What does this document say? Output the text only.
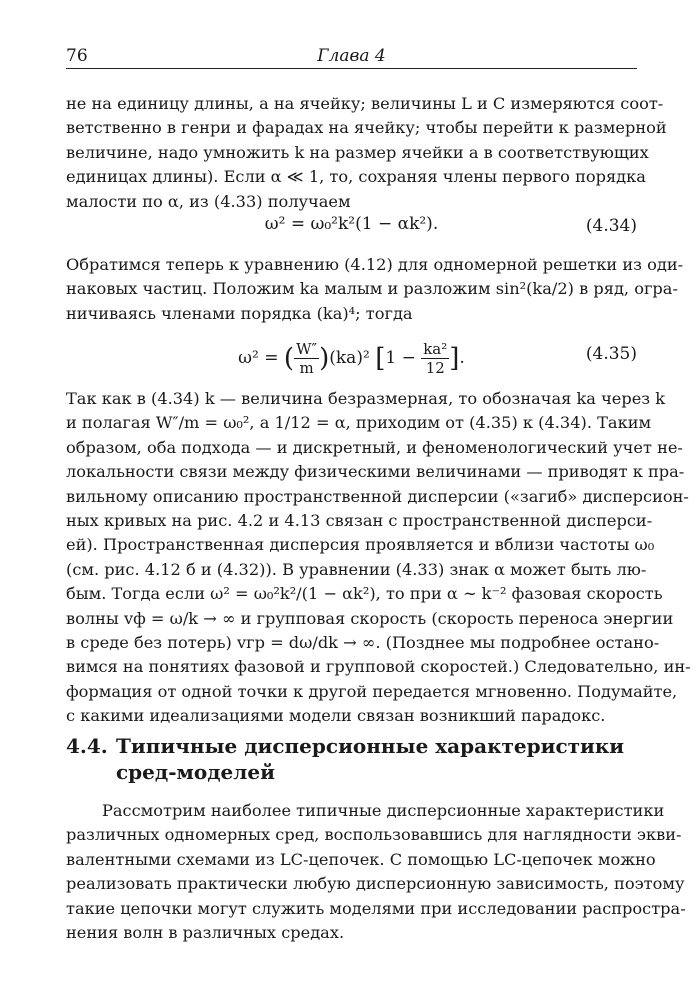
76	Глава 4
не на единицу длины, а на ячейку; величины L и C измеряются соот-
ветственно в генри и фарадах на ячейку; чтобы перейти к размерной
величине, надо умножить k на размер ячейки a в соответствующих
единицах длины). Если α ≪ 1, то, сохраняя члены первого порядка
малости по α, из (4.33) получаем
ω² = ω₀²k²(1 − αk²).	(4.34)
Обратимся теперь к уравнению (4.12) для одномерной решетки из оди-
наковых частиц. Положим ka малым и разложим sin²(ka/2) в ряд, огра-
ничиваясь членами порядка (ka)⁴; тогда
ω² = ( $\frac{W''}{m} )(ka)^2$ [$1 - \frac{\text{ka²}}{12}$ ].	(4.35)
Так как в (4.34) k — величина безразмерная, то обозначая ka через k
и полагая W″/m = ω₀², а 1/12 = α, приходим от (4.35) к (4.34). Таким
образом, оба подхода — и дискретный, и феноменологический учет не-
локальности связи между физическими величинами — приводят к пра-
вильному описанию пространственной дисперсии («загиб» дисперсион-
ных кривых на рис. 4.2 и 4.13 связан с пространственной дисперси-
ей). Пространственная дисперсия проявляется и вблизи частоты ω₀
(см. рис. 4.12 б и (4.32)). В уравнении (4.33) знак α может быть лю-
бым. Тогда если ω² = ω₀²k²/(1 − αk²), то при α ∼ k⁻² фазовая скорость
волны vф = ω/k → ∞ и групповая скорость (скорость переноса энергии
в среде без потерь) vгр = dω/dk → ∞. (Позднее мы подробнее остано-
вимся на понятиях фазовой и групповой скоростей.) Следовательно, ин-
формация от одной точки к другой передается мгновенно. Подумайте,
с какими идеализациями модели связан возникший парадокс.
4.4. Типичные дисперсионные характеристики
сред-моделей
Рассмотрим наиболее типичные дисперсионные характеристики
различных одномерных сред, воспользовавшись для наглядности экви-
валентными схемами из LC-цепочек. С помощью LC-цепочек можно
реализовать практически любую дисперсионную зависимость, поэтому
такие цепочки могут служить моделями при исследовании распростра-
нения волн в различных средах.
